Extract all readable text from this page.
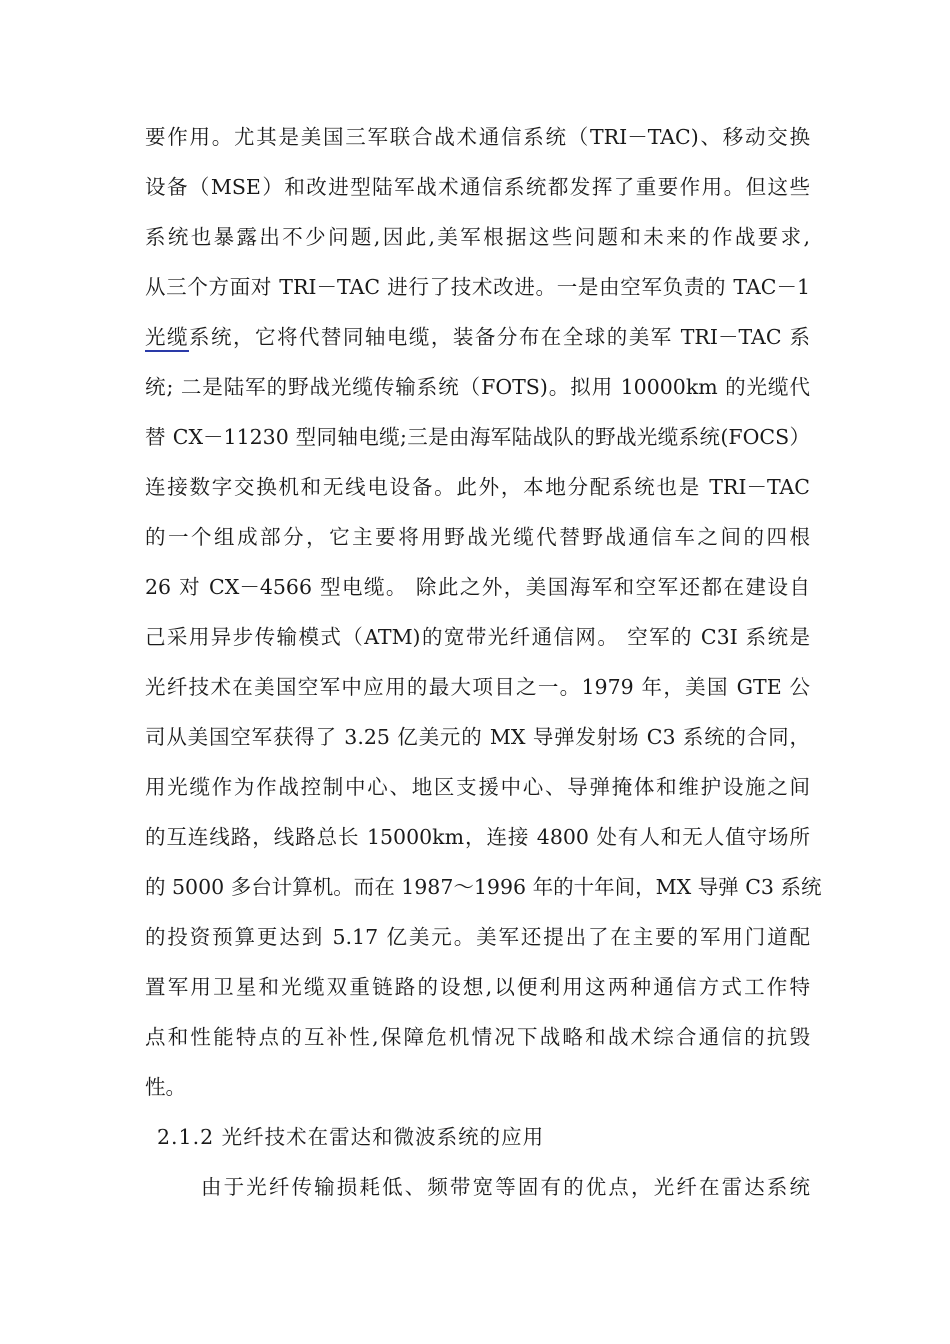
要作用。尤其是美国三军联合战术通信系统（TRI－TAC)、移动交换
设备（MSE）和改进型陆军战术通信系统都发挥了重要作用。但这些
系统也暴露出不少问题,因此,美军根据这些问题和未来的作战要求,
从三个方面对 TRI－TAC 进行了技术改进。一是由空军负责的 TAC－1
光缆系统，它将代替同轴电缆，装备分布在全球的美军 TRI－TAC 系
统; 二是陆军的野战光缆传输系统（FOTS)。拟用 10000km 的光缆代
替 CX－11230 型同轴电缆;三是由海军陆战队的野战光缆系统(FOCS）
连接数字交换机和无线电设备。此外，本地分配系统也是 TRI－TAC
的一个组成部分，它主要将用野战光缆代替野战通信车之间的四根
26 对 CX－4566 型电缆。 除此之外，美国海军和空军还都在建设自
己采用异步传输模式（ATM)的宽带光纤通信网。 空军的 C3I 系统是
光纤技术在美国空军中应用的最大项目之一。1979 年，美国 GTE 公
司从美国空军获得了 3.25 亿美元的 MX 导弹发射场 C3 系统的合同，
用光缆作为作战控制中心、地区支援中心、导弹掩体和维护设施之间
的互连线路，线路总长 15000km，连接 4800 处有人和无人值守场所
的 5000 多台计算机。而在 1987～1996 年的十年间，MX 导弹 C3 系统
的投资预算更达到 5.17 亿美元。美军还提出了在主要的军用门道配
置军用卫星和光缆双重链路的设想,以便利用这两种通信方式工作特
点和性能特点的互补性,保障危机情况下战略和战术综合通信的抗毁
性。
2.1.2 光纤技术在雷达和微波系统的应用
由于光纤传输损耗低、频带宽等固有的优点，光纤在雷达系统
